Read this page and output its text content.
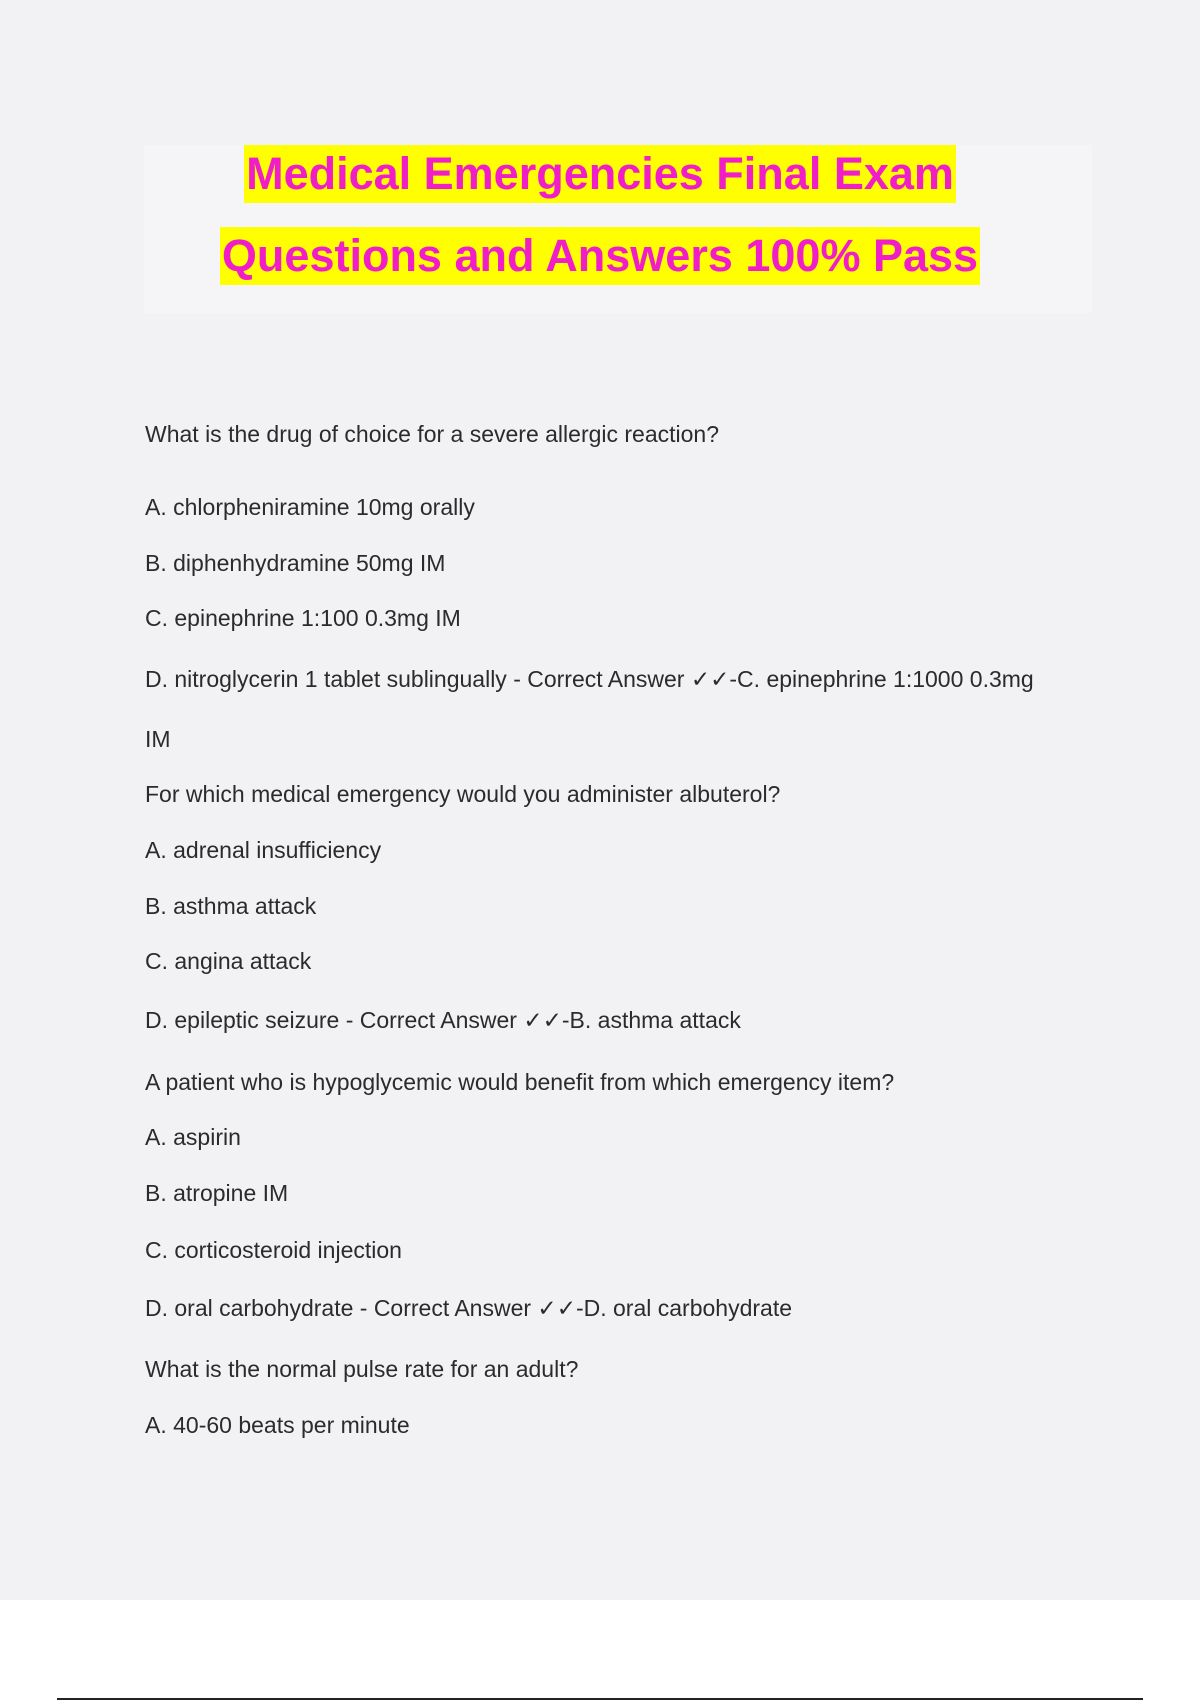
Medical Emergencies Final Exam
Questions and Answers 100% Pass
What is the drug of choice for a severe allergic reaction?
A. chlorpheniramine 10mg orally
B. diphenhydramine 50mg IM
C. epinephrine 1:100 0.3mg IM
D. nitroglycerin 1 tablet sublingually - Correct Answer ✓✓-C. epinephrine 1:1000 0.3mg
IM
For which medical emergency would you administer albuterol?
A. adrenal insufficiency
B. asthma attack
C. angina attack
D. epileptic seizure - Correct Answer ✓✓-B. asthma attack
A patient who is hypoglycemic would benefit from which emergency item?
A. aspirin
B. atropine IM
C. corticosteroid injection
D. oral carbohydrate - Correct Answer ✓✓-D. oral carbohydrate
What is the normal pulse rate for an adult?
A. 40-60 beats per minute
